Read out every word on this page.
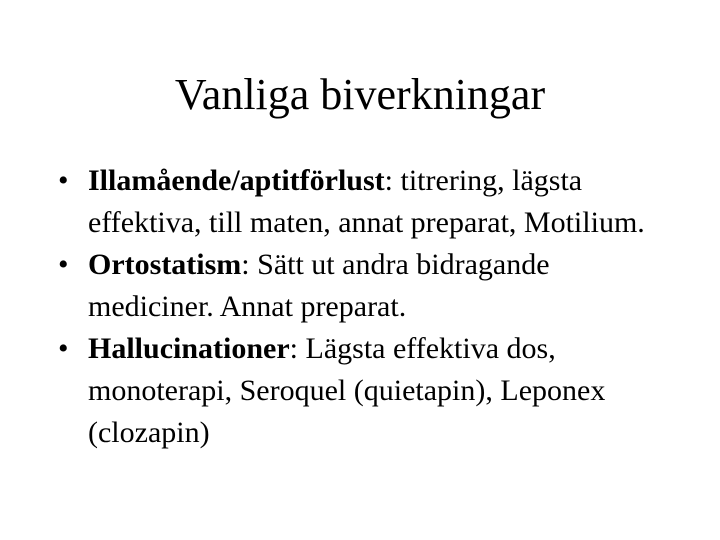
Vanliga biverkningar
• Illamående/aptitförlust: titrering, lägsta effektiva, till maten, annat preparat, Motilium.
• Ortostatism: Sätt ut andra bidragande mediciner. Annat preparat.
• Hallucinationer: Lägsta effektiva dos, monoterapi, Seroquel (quietapin), Leponex (clozapin)
